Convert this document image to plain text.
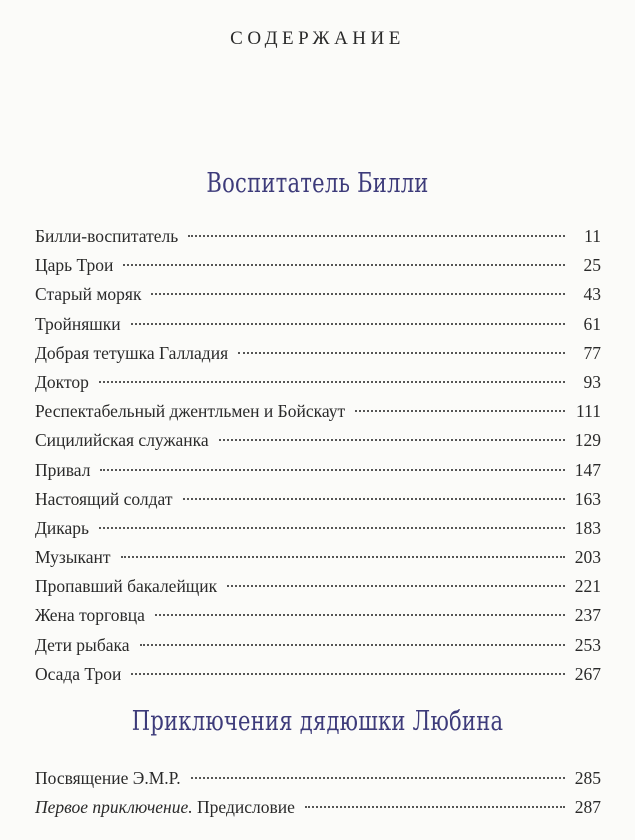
СОДЕРЖАНИЕ
Воспитатель Билли
Билли-воспитатель	11
Царь Трои	25
Старый моряк	43
Тройняшки	61
Добрая тетушка Галладия	77
Доктор	93
Респектабельный джентльмен и Бойскаут	111
Сицилийская служанка	129
Привал	147
Настоящий солдат	163
Дикарь	183
Музыкант	203
Пропавший бакалейщик	221
Жена торговца	237
Дети рыбака	253
Осада Трои	267
Приключения дядюшки Любина
Посвящение Э.М.Р.	285
Первое приключение. Предисловие	287
